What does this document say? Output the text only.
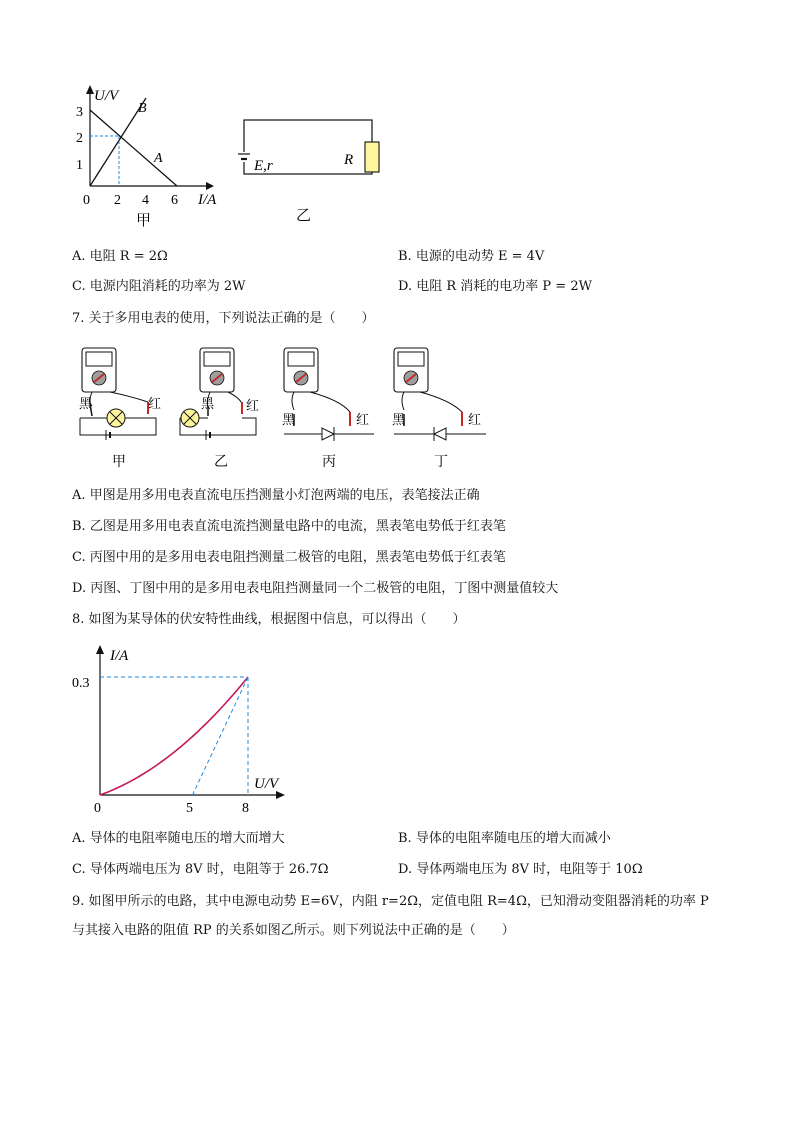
U/V
B
A
3
2
1
0 2 4 6 I/A
甲
E,r	R
乙
A. 电阻 R = 2Ω	B. 电源的电动势 E = 4V
C. 电源内阻消耗的功率为 2W	D. 电阻 R 消耗的电功率 P = 2W
7. 关于多用电表的使用，下列说法正确的是（　　）
黑	红
甲
黑 红
乙
黑	红
丙
黑	红
丁
A. 甲图是用多用电表直流电压挡测量小灯泡两端的电压，表笔接法正确
B. 乙图是用多用电表直流电流挡测量电路中的电流，黑表笔电势低于红表笔
C. 丙图中用的是多用电表电阻挡测量二极管的电阻，黑表笔电势低于红表笔
D. 丙图、丁图中用的是多用电表电阻挡测量同一个二极管的电阻，丁图中测量值较大
8. 如图为某导体的伏安特性曲线，根据图中信息，可以得出（　　）
I/A
U/V
0	5	8
0.3
A. 导体的电阻率随电压的增大而增大	B. 导体的电阻率随电压的增大而减小
C. 导体两端电压为 8V 时，电阻等于 26.7Ω	D. 导体两端电压为 8V 时，电阻等于 10Ω
9. 如图甲所示的电路，其中电源电动势 E=6V，内阻 r=2Ω，定值电阻 R=4Ω，已知滑动变阻器消耗的功率 P
与其接入电路的阻值 RP 的关系如图乙所示。则下列说法中正确的是（　　）
